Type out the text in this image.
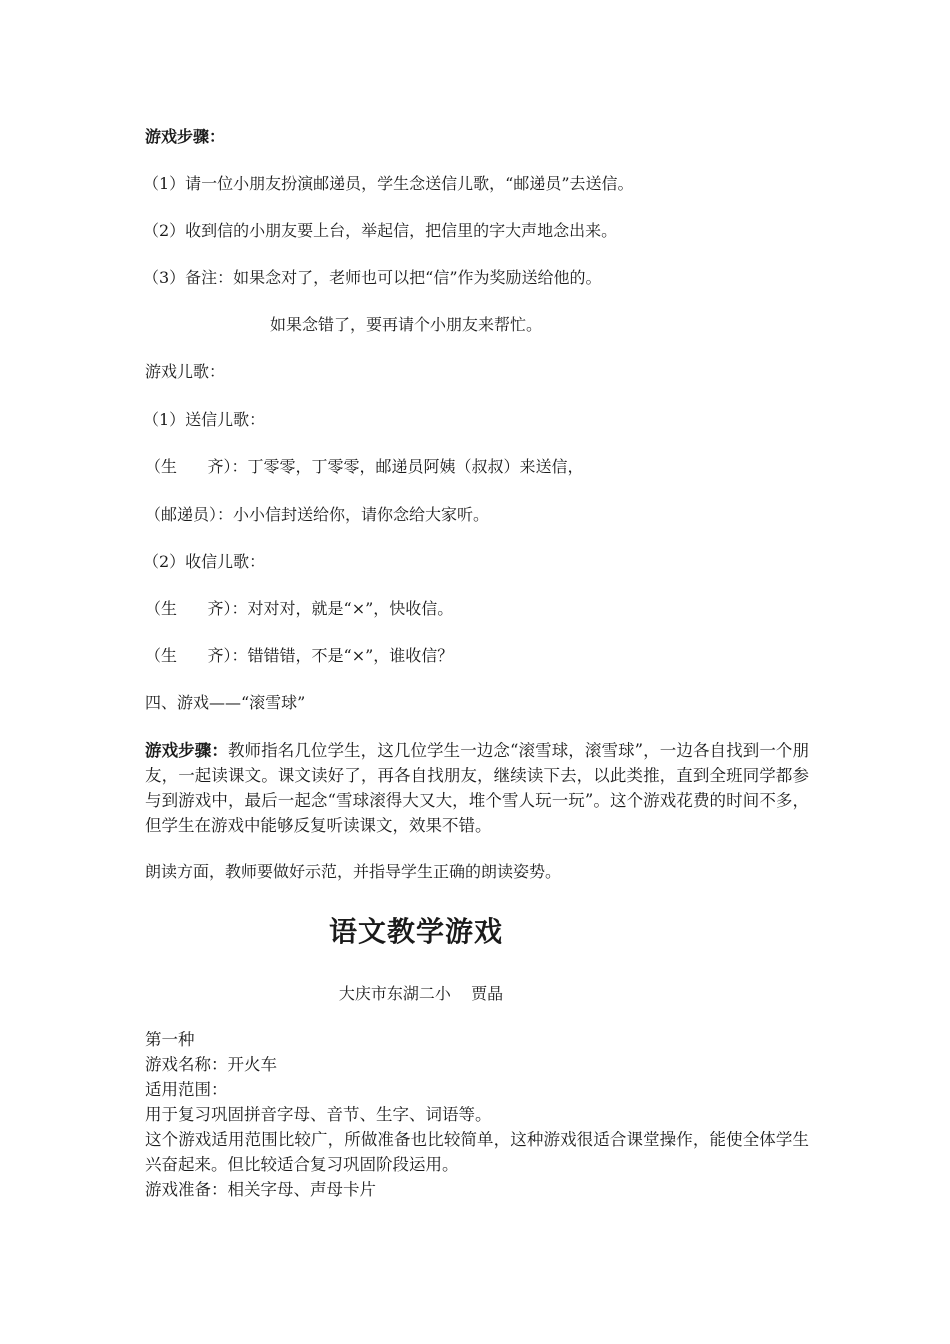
游戏步骤：
（1）请一位小朋友扮演邮递员，学生念送信儿歌，“邮递员”去送信。
（2）收到信的小朋友要上台，举起信，把信里的字大声地念出来。
（3）备注：如果念对了，老师也可以把“信”作为奖励送给他的。
如果念错了，要再请个小朋友来帮忙。
游戏儿歌：
（1）送信儿歌：
（生      齐）：丁零零，丁零零，邮递员阿姨（叔叔）来送信，
（邮递员）：小小信封送给你，请你念给大家听。
（2）收信儿歌：
（生      齐）：对对对，就是“×”，快收信。
（生      齐）：错错错，不是“×”，谁收信？
四、游戏——“滚雪球”
游戏步骤：教师指名几位学生，这几位学生一边念“滚雪球，滚雪球”，一边各自找到一个朋友，一起读课文。课文读好了，再各自找朋友，继续读下去，以此类推，直到全班同学都参与到游戏中，最后一起念“雪球滚得大又大，堆个雪人玩一玩”。这个游戏花费的时间不多，但学生在游戏中能够反复听读课文，效果不错。
朗读方面，教师要做好示范，并指导学生正确的朗读姿势。
语文教学游戏
大庆市东湖二小    贾晶
第一种
游戏名称：开火车
适用范围：
用于复习巩固拼音字母、音节、生字、词语等。
这个游戏适用范围比较广，所做准备也比较简单，这种游戏很适合课堂操作，能使全体学生兴奋起来。但比较适合复习巩固阶段运用。
游戏准备：相关字母、声母卡片
